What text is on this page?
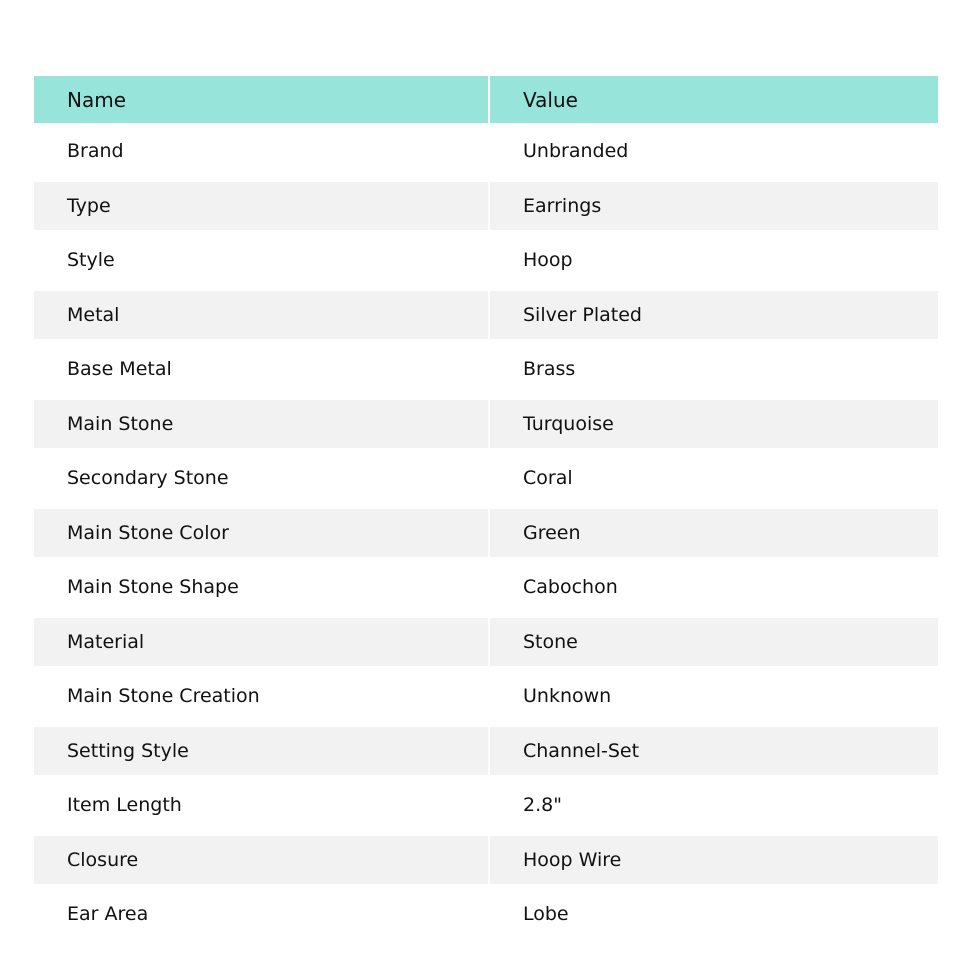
Name	Value
Brand	Unbranded
Type	Earrings
Style	Hoop
Metal	Silver Plated
Base Metal	Brass
Main Stone	Turquoise
Secondary Stone	Coral
Main Stone Color	Green
Main Stone Shape	Cabochon
Material	Stone
Main Stone Creation	Unknown
Setting Style	Channel-Set
Item Length	2.8"
Closure	Hoop Wire
Ear Area	Lobe
